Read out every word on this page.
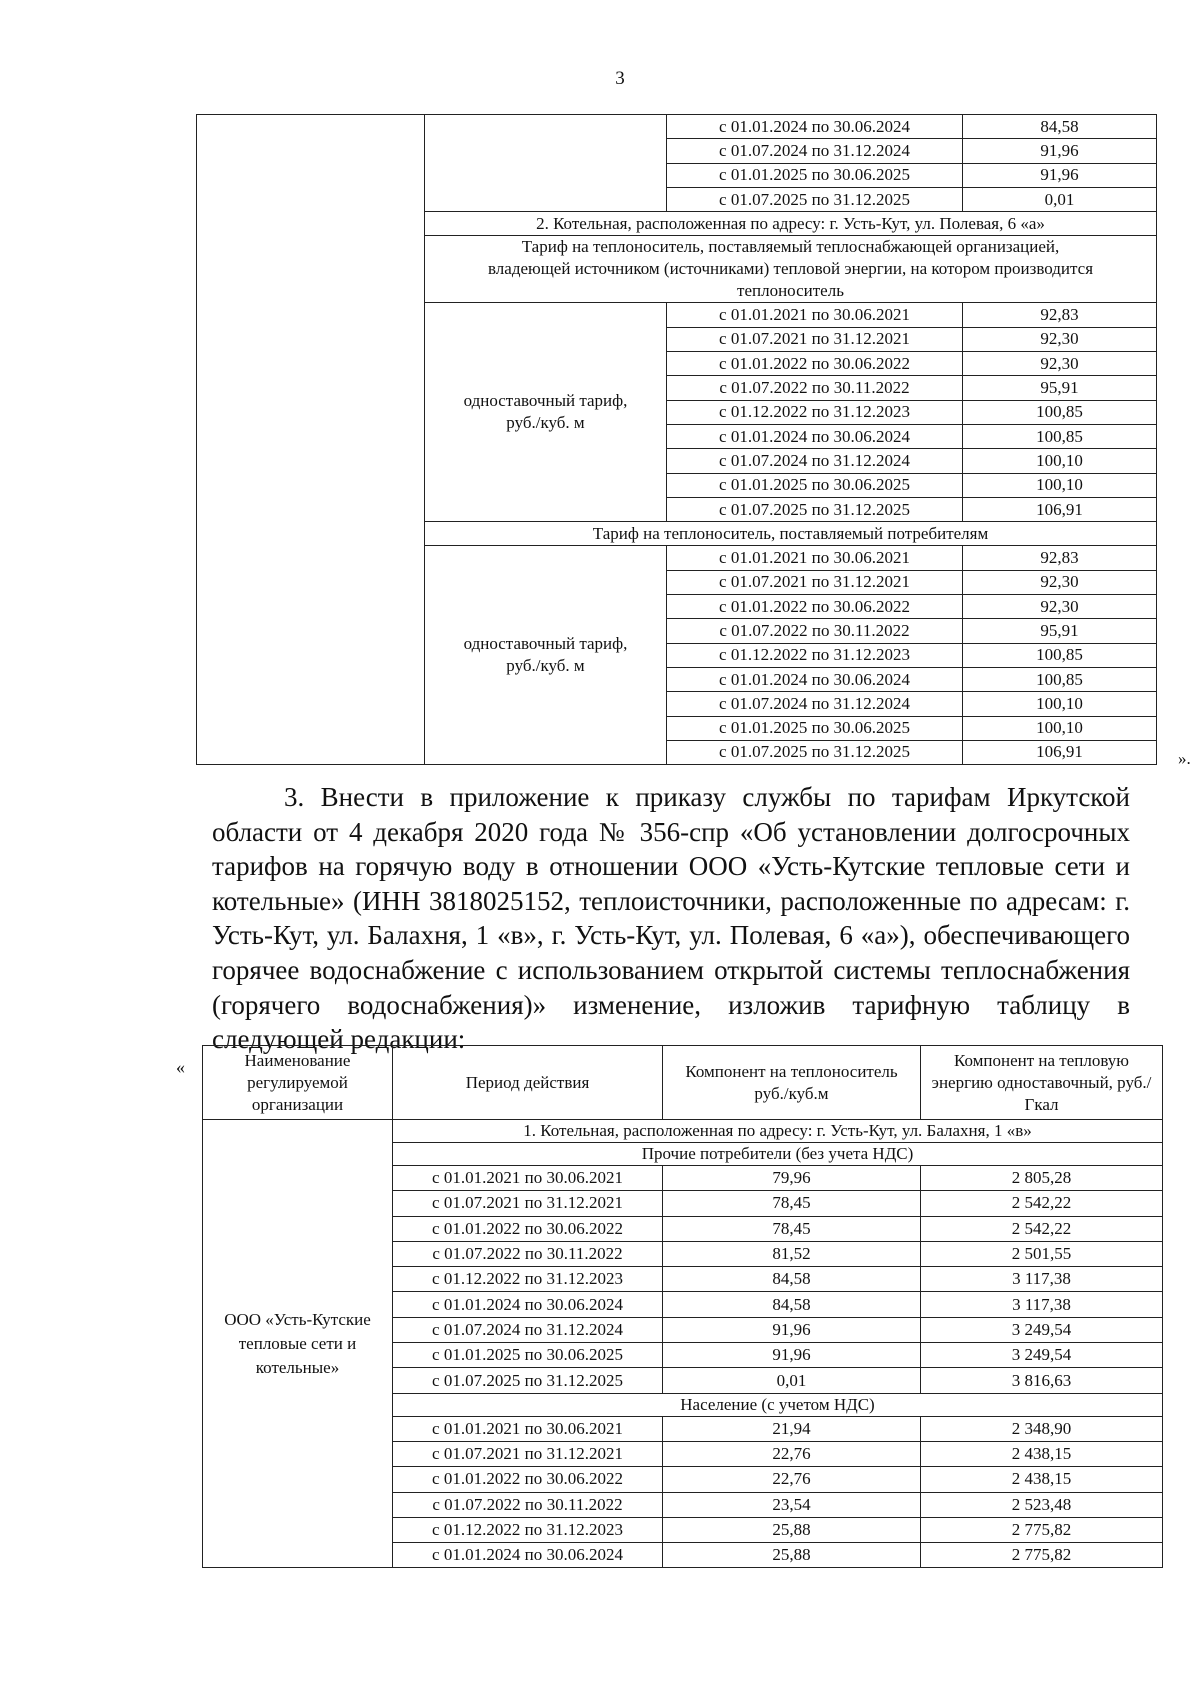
3
		с 01.01.2024 по 30.06.2024	84,58
		с 01.07.2024 по 31.12.2024	91,96
		с 01.01.2025 по 30.06.2025	91,96
		с 01.07.2025 по 31.12.2025	0,01
	2. Котельная, расположенная по адресу: г. Усть-Кут, ул. Полевая, 6 «а»		
	Тариф на теплоноситель, поставляемый теплоснабжающей организацией, владеющей источником (источниками) тепловой энергии, на котором производится теплоноситель		
	одноставочный тариф, руб./куб. м	с 01.01.2021 по 30.06.2021	92,83
		с 01.07.2021 по 31.12.2021	92,30
		с 01.01.2022 по 30.06.2022	92,30
		с 01.07.2022 по 30.11.2022	95,91
		с 01.12.2022 по 31.12.2023	100,85
		с 01.01.2024 по 30.06.2024	100,85
		с 01.07.2024 по 31.12.2024	100,10
		с 01.01.2025 по 30.06.2025	100,10
		с 01.07.2025 по 31.12.2025	106,91
	Тариф на теплоноситель, поставляемый потребителям		
	одноставочный тариф, руб./куб. м	с 01.01.2021 по 30.06.2021	92,83
		с 01.07.2021 по 31.12.2021	92,30
		с 01.01.2022 по 30.06.2022	92,30
		с 01.07.2022 по 30.11.2022	95,91
		с 01.12.2022 по 31.12.2023	100,85
		с 01.01.2024 по 30.06.2024	100,85
		с 01.07.2024 по 31.12.2024	100,10
		с 01.01.2025 по 30.06.2025	100,10
		с 01.07.2025 по 31.12.2025	106,91	».
3. Внести в приложение к приказу службы по тарифам Иркутской области от 4 декабря 2020 года № 356-спр «Об установлении долгосрочных тарифов на горячую воду в отношении ООО «Усть-Кутские тепловые сети и котельные» (ИНН 3818025152, теплоисточники, расположенные по адресам: г. Усть-Кут, ул. Балахня, 1 «в», г. Усть-Кут, ул. Полевая, 6 «а»), обеспечивающего горячее водоснабжение с использованием открытой системы теплоснабжения (горячего водоснабжения)» изменение, изложив тарифную таблицу в следующей редакции:
«	Наименование регулируемой организации	Период действия	Компонент на теплоноситель руб./куб.м	Компонент на тепловую энергию одноставочный, руб./Гкал
ООО «Усть-Кутские тепловые сети и котельные»	1. Котельная, расположенная по адресу: г. Усть-Кут, ул. Балахня, 1 «в»		
	Прочие потребители (без учета НДС)		
	с 01.01.2021 по 30.06.2021	79,96	2 805,28
	с 01.07.2021 по 31.12.2021	78,45	2 542,22
	с 01.01.2022 по 30.06.2022	78,45	2 542,22
	с 01.07.2022 по 30.11.2022	81,52	2 501,55
	с 01.12.2022 по 31.12.2023	84,58	3 117,38
	с 01.01.2024 по 30.06.2024	84,58	3 117,38
	с 01.07.2024 по 31.12.2024	91,96	3 249,54
	с 01.01.2025 по 30.06.2025	91,96	3 249,54
	с 01.07.2025 по 31.12.2025	0,01	3 816,63
	Население (с учетом НДС)		
	с 01.01.2021 по 30.06.2021	21,94	2 348,90
	с 01.07.2021 по 31.12.2021	22,76	2 438,15
	с 01.01.2022 по 30.06.2022	22,76	2 438,15
	с 01.07.2022 по 30.11.2022	23,54	2 523,48
	с 01.12.2022 по 31.12.2023	25,88	2 775,82
	с 01.01.2024 по 30.06.2024	25,88	2 775,82
